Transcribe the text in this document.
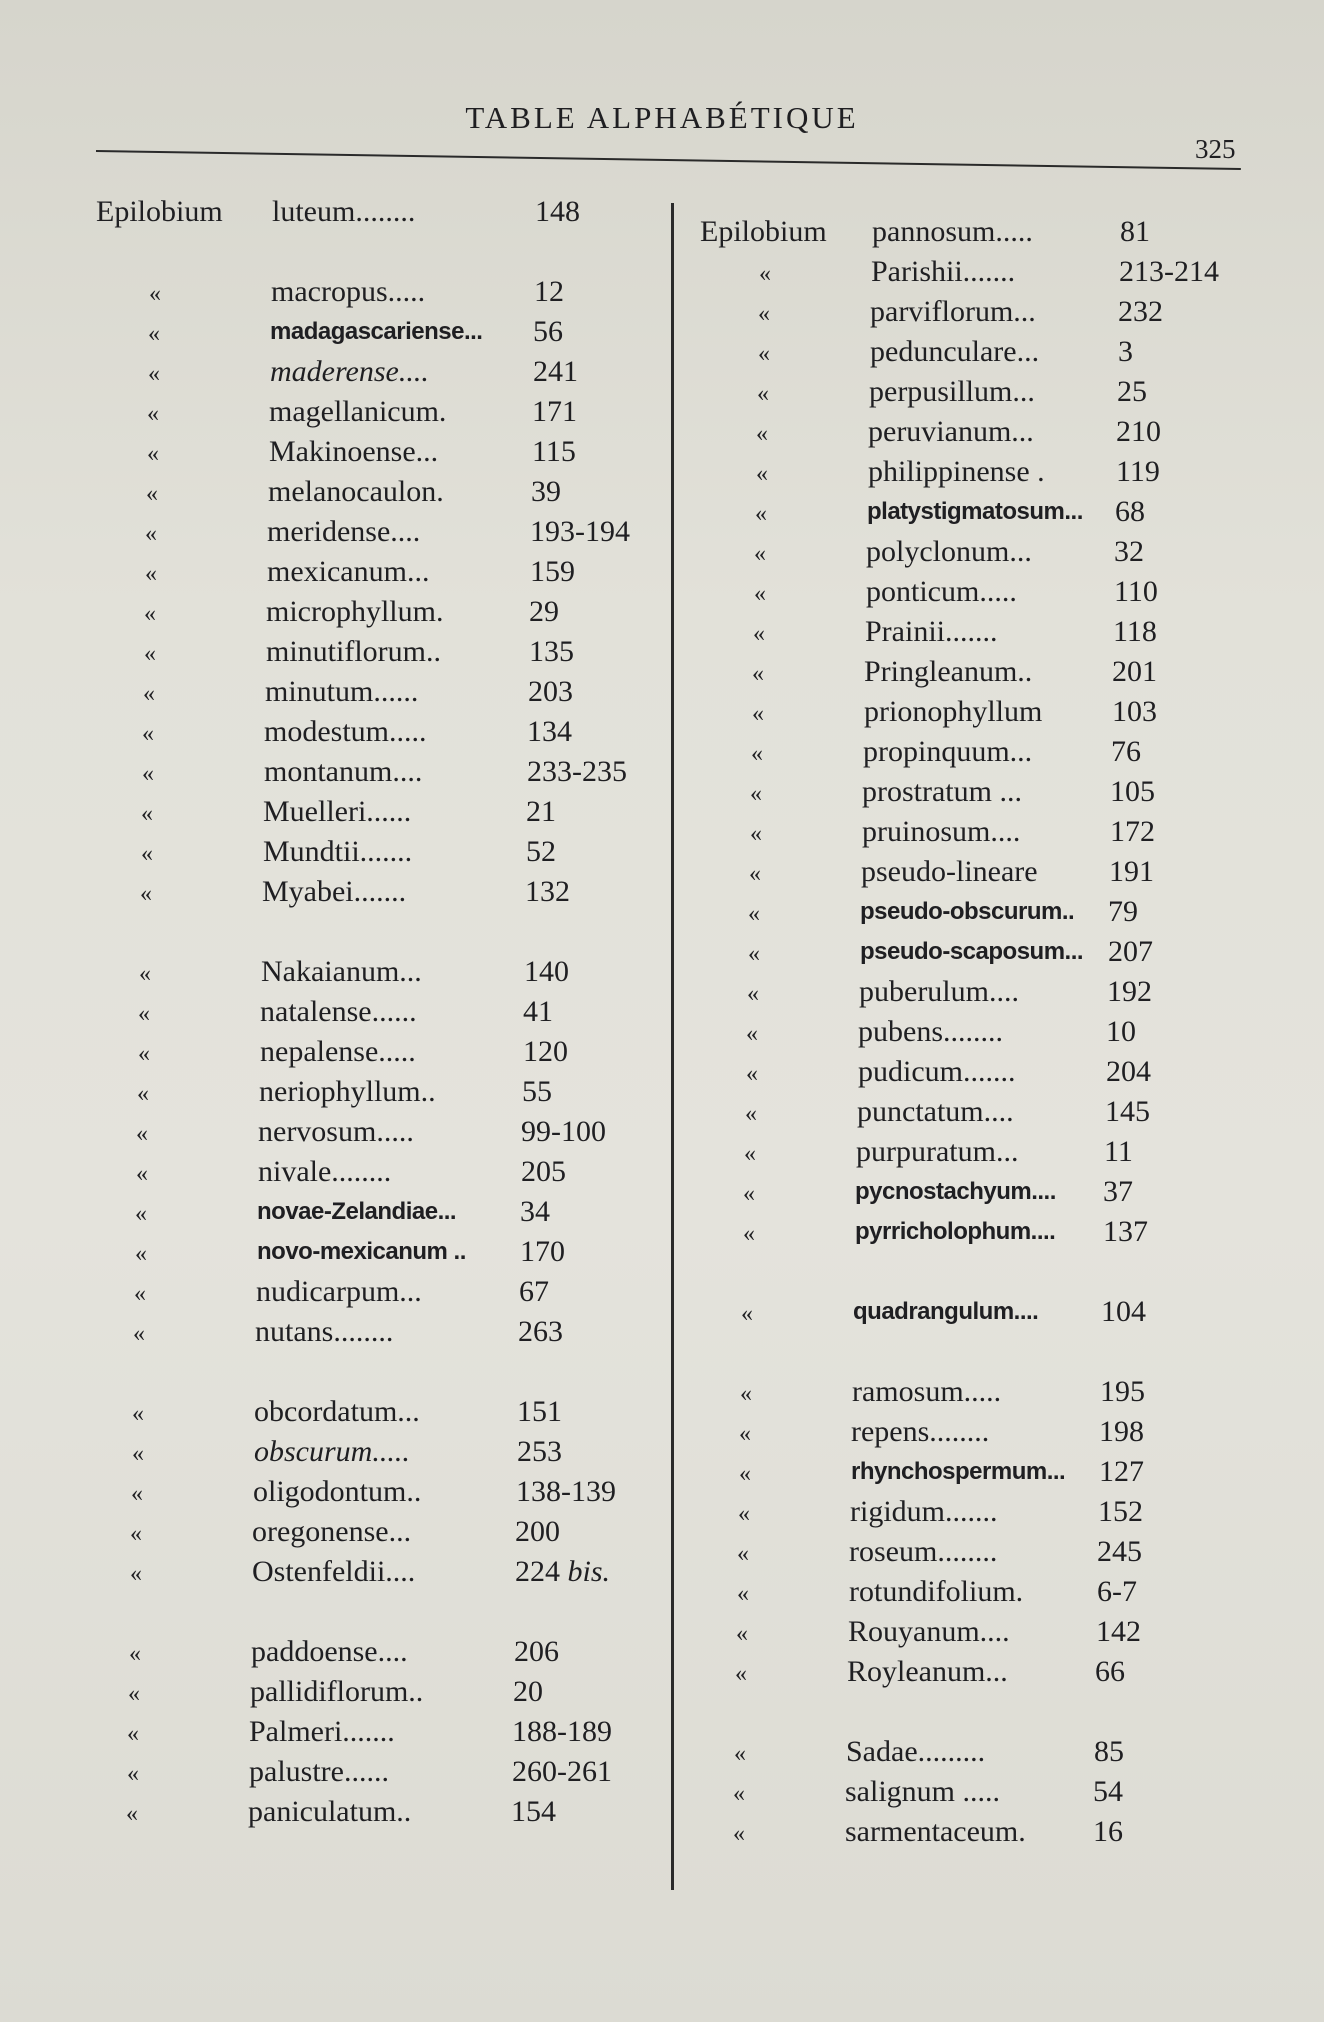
TABLE ALPHABÉTIQUE
325
Epilobium luteum........	148
«	macropus.....	12
«	madagascariense... 56
«	maderense....	241
«	magellanicum.	171
«	Makinoense...	115
«	melanocaulon.	39
«	meridense....	193-194
«	mexicanum...	159
«	microphyllum.	29
«	minutiflorum..	135
«	minutum......	203
«	modestum.....	134
«	montanum....	233-235
«	Muelleri......	21
«	Mundtii.......	52
«	Myabei.......	132
«	Nakaianum...	140
«	natalense......	41
«	nepalense.....	120
«	neriophyllum..	55
«	nervosum.....	99-100
«	nivale........	205
«	novae-Zelandiae... 34
«	novo-mexicanum .. 170
«	nudicarpum...	67
«	nutans........	263
«	obcordatum...	151
«	obscurum.....	253
«	oligodontum..	138-139
«	oregonense...	200
«	Ostenfeldii....	224 bis.
«	paddoense....	206
«	pallidiflorum..	20
«	Palmeri.......	188-189
«	palustre......	260-261
«	paniculatum..	154
Epilobium pannosum.....	81
«	Parishii.......	213-214
«	parviflorum...	232
«	pedunculare...	3
«	perpusillum...	25
«	peruvianum...	210
«	philippinense . 119
«	platystigmatosum... 68
«	polyclonum...	32
«	ponticum.....	110
«	Prainii.......	118
«	Pringleanum..	201
«	prionophyllum 103
«	propinquum...	76
«	prostratum ...	105
«	pruinosum....	172
«	pseudo-lineare 191
«	pseudo-obscurum.. 79
«	pseudo-scaposum... 207
«	puberulum....	192
«	pubens........	10
«	pudicum.......	204
«	punctatum....	145
«	purpuratum...	11
«	pycnostachyum.... 37
«	pyrricholophum.... 137
«	quadrangulum.... 104
«	ramosum.....	195
«	repens........	198
«	rhynchospermum... 127
«	rigidum.......	152
«	roseum........	245
«	rotundifolium. 6-7
«	Rouyanum....	142
«	Royleanum...	66
«	Sadae.........	85
«	salignum .....	54
«	sarmentaceum. 16
